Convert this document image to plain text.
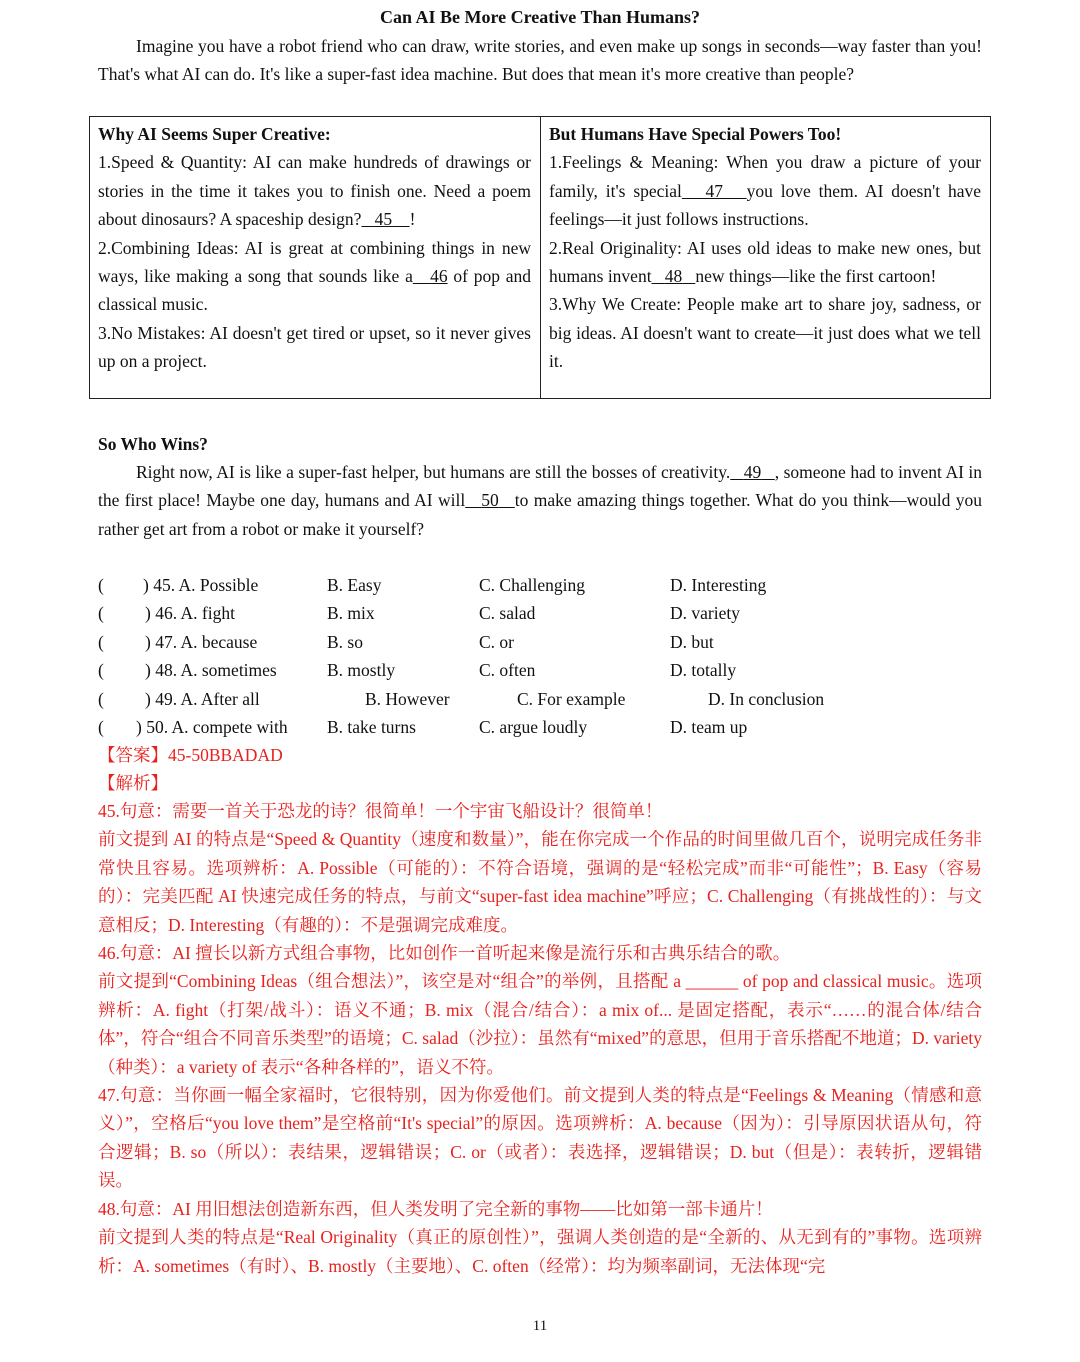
Can AI Be More Creative Than Humans?
Imagine you have a robot friend who can draw, write stories, and even make up songs in seconds—way faster than you! That's what AI can do. It's like a super-fast idea machine. But does that mean it's more creative than people?
Why AI Seems Super Creative:
1.Speed & Quantity: AI can make hundreds of drawings or stories in the time it takes you to finish one. Need a poem about dinosaurs? A spaceship design? 45 !
2.Combining Ideas: AI is great at combining things in new ways, like making a song that sounds like a 46 of pop and classical music.
3.No Mistakes: AI doesn't get tired or upset, so it never gives up on a project.
But Humans Have Special Powers Too!
1.Feelings & Meaning: When you draw a picture of your family, it's special 47 you love them. AI doesn't have feelings—it just follows instructions.
2.Real Originality: AI uses old ideas to make new ones, but humans invent 48 new things—like the first cartoon!
3.Why We Create: People make art to share joy, sadness, or big ideas. AI doesn't want to create—it just does what we tell it.
So Who Wins?
Right now, AI is like a super-fast helper, but humans are still the bosses of creativity. 49 , someone had to invent AI in the first place! Maybe one day, humans and AI will 50 to make amazing things together. What do you think—would you rather get art from a robot or make it yourself?
( ) 45. A. Possible	B. Easy	C. Challenging	D. Interesting
( ) 46. A. fight	B. mix	C. salad	D. variety
( ) 47. A. because	B. so	C. or	D. but
( ) 48. A. sometimes	B. mostly	C. often	D. totally
( ) 49. A. After all	B. However	C. For example	D. In conclusion
( ) 50. A. compete with B. take turns	C. argue loudly	D. team up
【答案】45-50BBADAD
【解析】

45.句意：需要一首关于恐龙的诗？很简单！一个宇宙飞船设计？很简单！

前文提到 AI 的特点是“Speed & Quantity（速度和数量）”，能在你完成一个作品的时间里做几百个，说明完成任务非常快且容易。选项辨析：A. Possible（可能的）：不符合语境，强调的是“轻松完成”而非“可能性”；B. Easy（容易的）：完美匹配 AI 快速完成任务的特点，与前文“super-fast idea machine”呼应；C. Challenging（有挑战性的）：与文意相反；D. Interesting（有趣的）：不是强调完成难度。

46.句意：AI 擅长以新方式组合事物，比如创作一首听起来像是流行乐和古典乐结合的歌。

前文提到“Combining Ideas（组合想法）”，该空是对“组合”的举例，且搭配 a ______ of pop and classical music。选项辨析：A. fight（打架/战斗）：语义不通；B. mix（混合/结合）：a mix of... 是固定搭配，表示“……的混合体/结合体”，符合“组合不同音乐类型”的语境；C. salad（沙拉）：虽然有“mixed”的意思，但用于音乐搭配不地道；D. variety（种类）：a variety of 表示“各种各样的”，语义不符。

47.句意：当你画一幅全家福时，它很特别，因为你爱他们。前文提到人类的特点是“Feelings & Meaning（情感和意义）”，空格后“you love them”是空格前“It's special”的原因。选项辨析：A. because（因为）：引导原因状语从句，符合逻辑；B. so（所以）：表结果，逻辑错误；C. or（或者）：表选择，逻辑错误；D. but（但是）：表转折，逻辑错误。

48.句意：AI 用旧想法创造新东西，但人类发明了完全新的事物——比如第一部卡通片！

前文提到人类的特点是“Real Originality（真正的原创性）”，强调人类创造的是“全新的、从无到有的”事物。选项辨析：A. sometimes（有时）、B. mostly（主要地）、C. often（经常）：均为频率副词，无法体现“完

11
